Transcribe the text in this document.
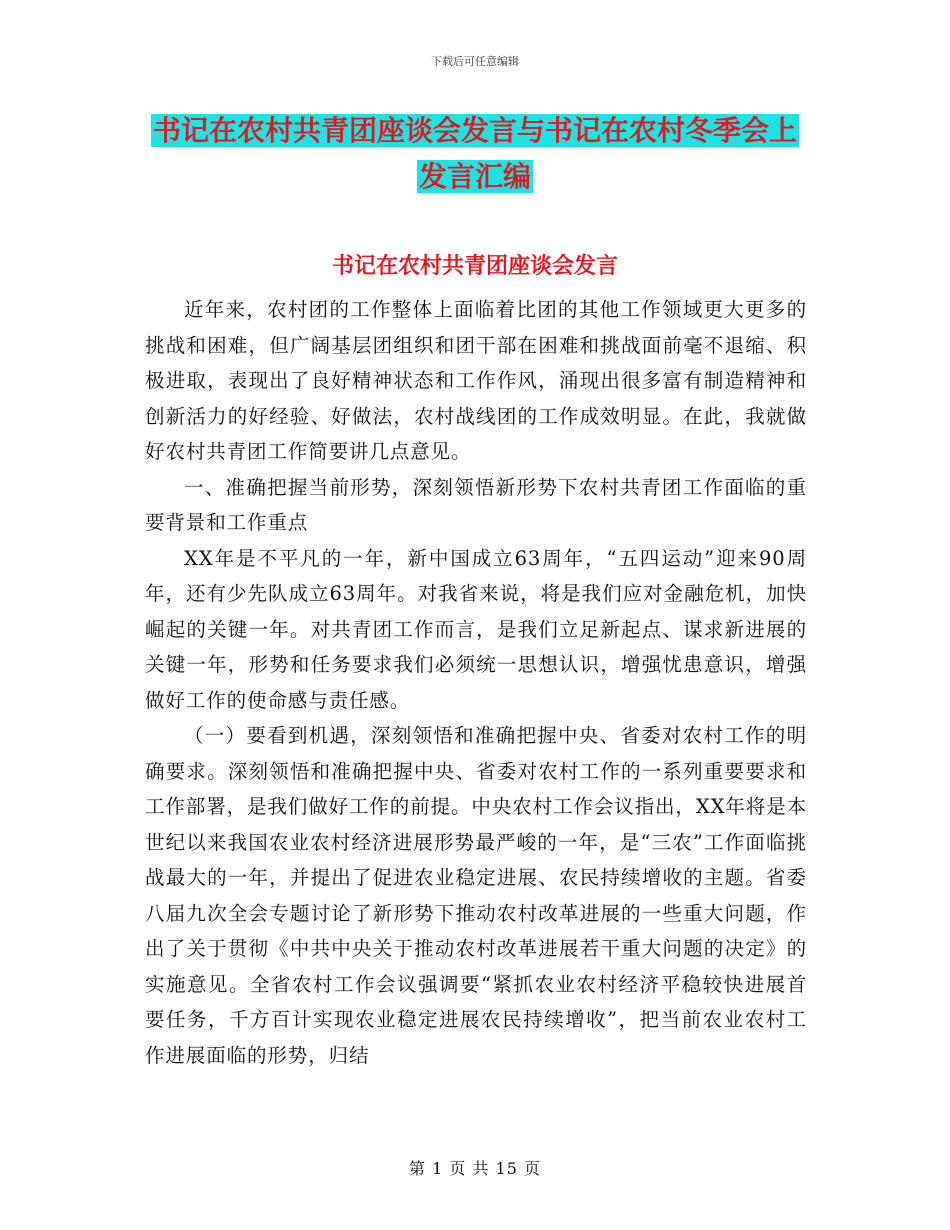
下载后可任意编辑
书记在农村共青团座谈会发言与书记在农村冬季会上
发言汇编
书记在农村共青团座谈会发言

近年来，农村团的工作整体上面临着比团的其他工作领域更大更多的挑战和困难，但广阔基层团组织和团干部在困难和挑战面前毫不退缩、积极进取，表现出了良好精神状态和工作作风，涌现出很多富有制造精神和创新活力的好经验、好做法，农村战线团的工作成效明显。在此，我就做好农村共青团工作简要讲几点意见。

一、准确把握当前形势，深刻领悟新形势下农村共青团工作面临的重要背景和工作重点

XX年是不平凡的一年，新中国成立63周年，“五四运动”迎来90周年，还有少先队成立63周年。对我省来说，将是我们应对金融危机，加快崛起的关键一年。对共青团工作而言，是我们立足新起点、谋求新进展的关键一年，形势和任务要求我们必须统一思想认识，增强忧患意识，增强做好工作的使命感与责任感。

（一）要看到机遇，深刻领悟和准确把握中央、省委对农村工作的明确要求。深刻领悟和准确把握中央、省委对农村工作的一系列重要要求和工作部署，是我们做好工作的前提。中央农村工作会议指出，XX年将是本世纪以来我国农业农村经济进展形势最严峻的一年，是“三农”工作面临挑战最大的一年，并提出了促进农业稳定进展、农民持续增收的主题。省委八届九次全会专题讨论了新形势下推动农村改革进展的一些重大问题，作出了关于贯彻《中共中央关于推动农村改革进展若干重大问题的决定》的实施意见。全省农村工作会议强调要“紧抓农业农村经济平稳较快进展首要任务，千方百计实现农业稳定进展农民持续增收”，把当前农业农村工作进展面临的形势，归结

第 1 页 共 15 页
